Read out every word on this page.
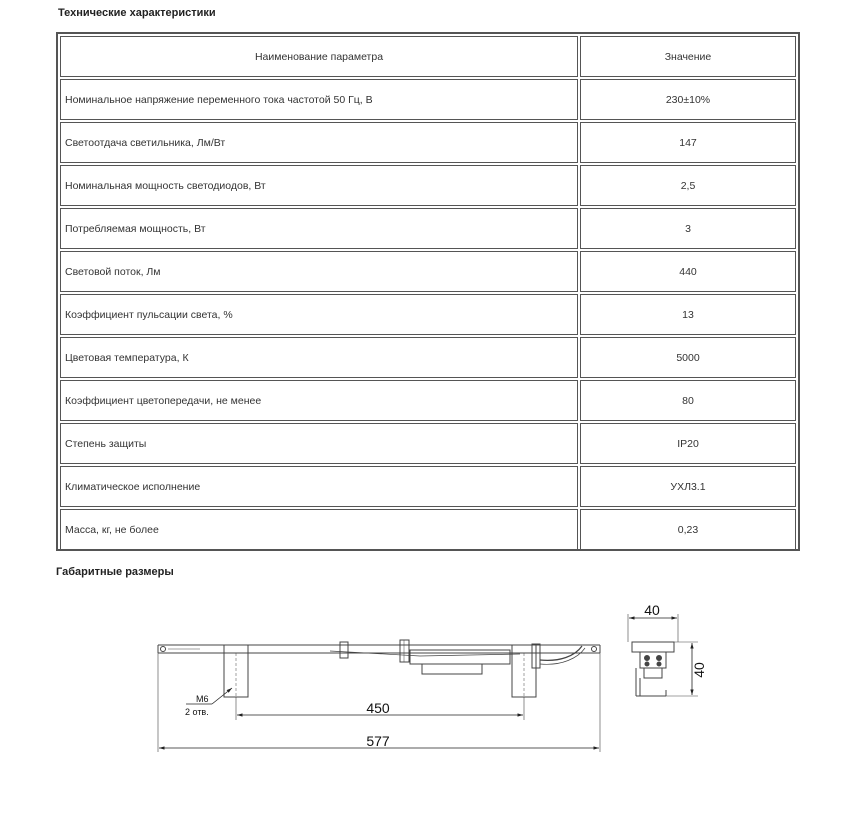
Технические характеристики
Наименование параметра	Значение
Номинальное напряжение переменного тока частотой 50 Гц, В	230±10%
Светоотдача светильника, Лм/Вт	147
Номинальная мощность светодиодов, Вт	2,5
Потребляемая мощность, Вт	3
Световой поток, Лм	440
Коэффициент пульсации света, %	13
Цветовая температура, К	5000
Коэффициент цветопередачи, не менее	80
Степень защиты	IP20
Климатическое исполнение	УХЛ3.1
Масса, кг, не более	0,23
Габаритные размеры
М6
2 отв.	450
577
40
40
